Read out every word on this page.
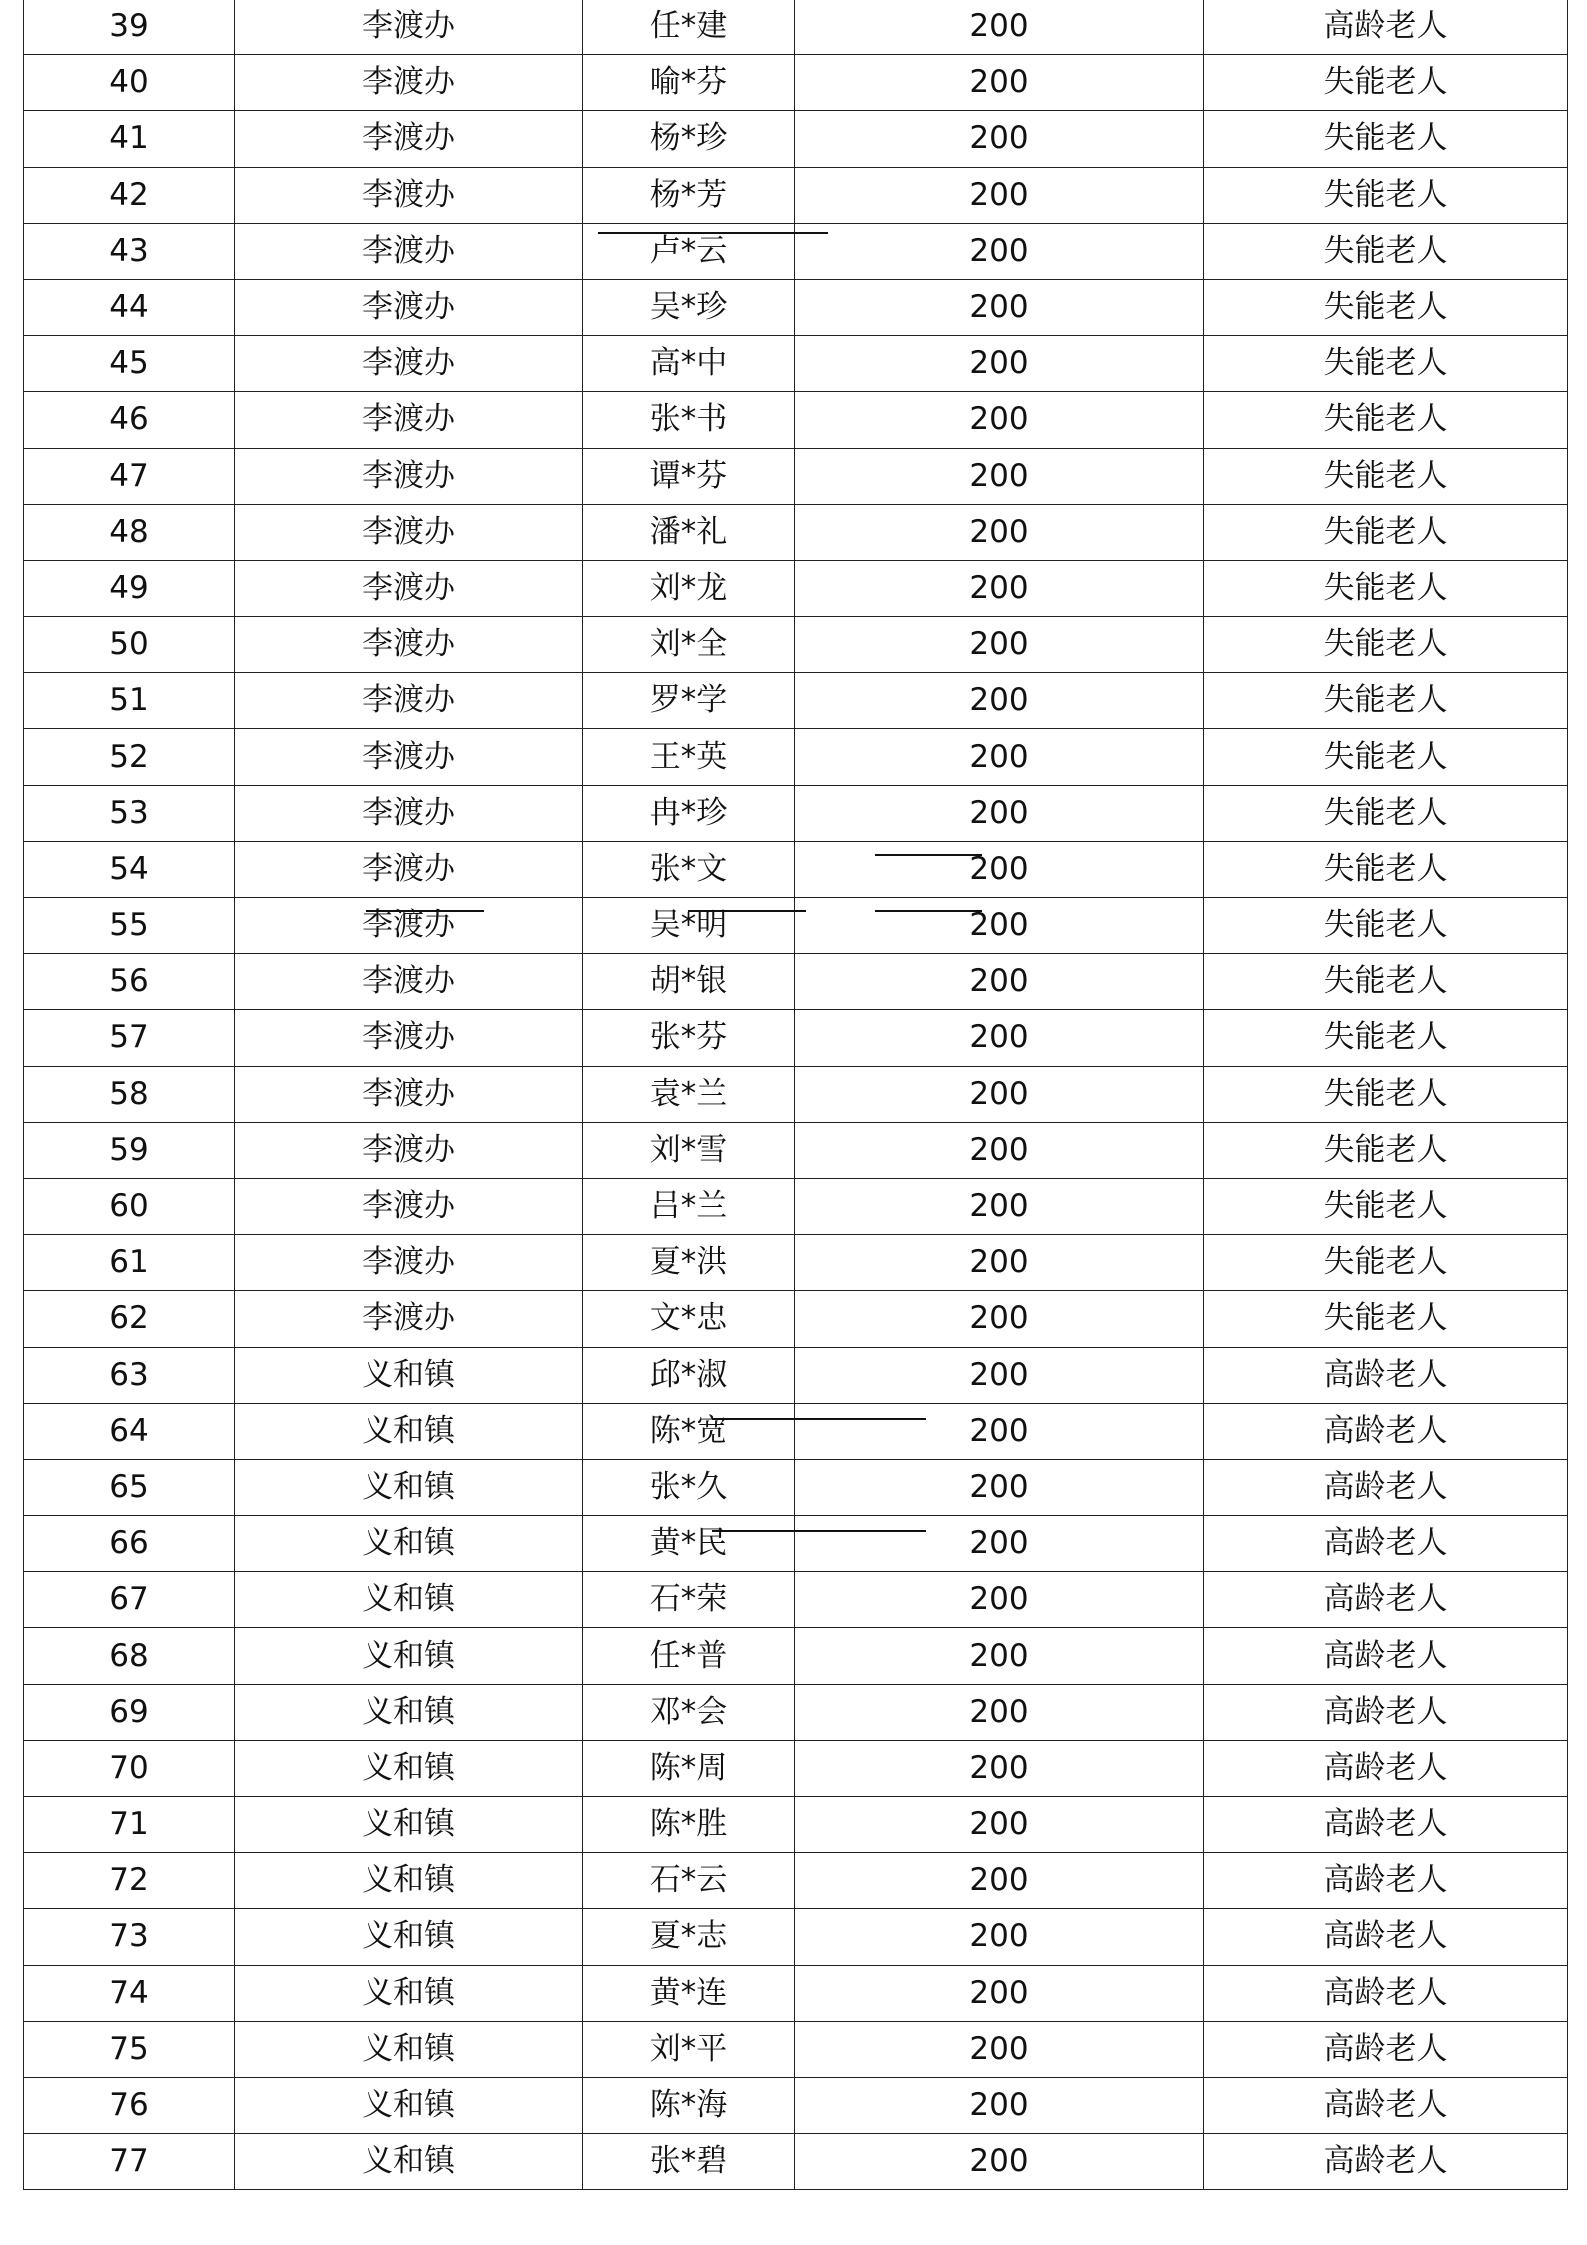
39	李渡办	任*建	200	高龄老人
40	李渡办	喻*芬	200	失能老人
41	李渡办	杨*珍	200	失能老人
42	李渡办	杨*芳	200	失能老人
43	李渡办	卢*云	200	失能老人
44	李渡办	吴*珍	200	失能老人
45	李渡办	高*中	200	失能老人
46	李渡办	张*书	200	失能老人
47	李渡办	谭*芬	200	失能老人
48	李渡办	潘*礼	200	失能老人
49	李渡办	刘*龙	200	失能老人
50	李渡办	刘*全	200	失能老人
51	李渡办	罗*学	200	失能老人
52	李渡办	王*英	200	失能老人
53	李渡办	冉*珍	200	失能老人
54	李渡办	张*文	200	失能老人
55	李渡办	吴*明	200	失能老人
56	李渡办	胡*银	200	失能老人
57	李渡办	张*芬	200	失能老人
58	李渡办	袁*兰	200	失能老人
59	李渡办	刘*雪	200	失能老人
60	李渡办	吕*兰	200	失能老人
61	李渡办	夏*洪	200	失能老人
62	李渡办	文*忠	200	失能老人
63	义和镇	邱*淑	200	高龄老人
64	义和镇	陈*宽	200	高龄老人
65	义和镇	张*久	200	高龄老人
66	义和镇	黄*民	200	高龄老人
67	义和镇	石*荣	200	高龄老人
68	义和镇	任*普	200	高龄老人
69	义和镇	邓*会	200	高龄老人
70	义和镇	陈*周	200	高龄老人
71	义和镇	陈*胜	200	高龄老人
72	义和镇	石*云	200	高龄老人
73	义和镇	夏*志	200	高龄老人
74	义和镇	黄*连	200	高龄老人
75	义和镇	刘*平	200	高龄老人
76	义和镇	陈*海	200	高龄老人
77	义和镇	张*碧	200	高龄老人
